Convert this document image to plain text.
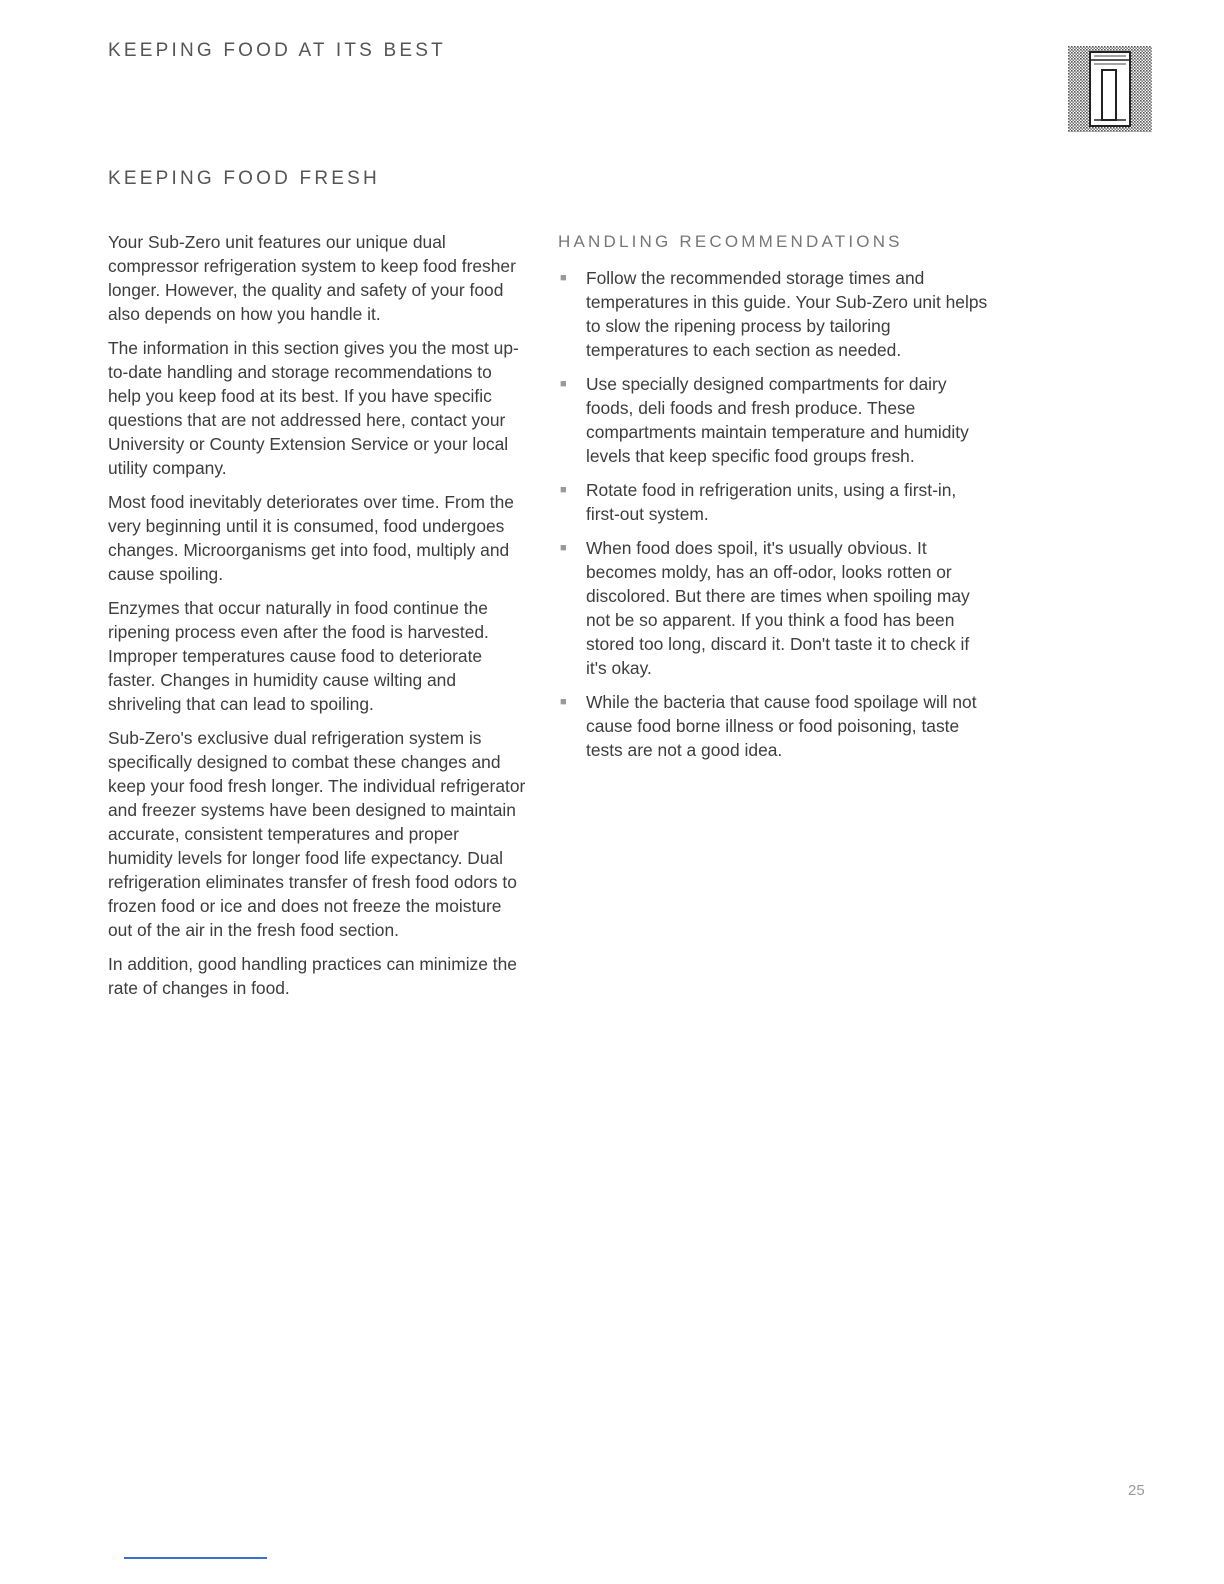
KEEPING FOOD AT ITS BEST
KEEPING FOOD FRESH

Your Sub-Zero unit features our unique dual compressor refrigeration system to keep food fresher longer. However, the quality and safety of your food also depends on how you handle it.

The information in this section gives you the most up-to-date handling and storage recommendations to help you keep food at its best. If you have specific questions that are not addressed here, contact your University or County Extension Service or your local utility company.

Most food inevitably deteriorates over time. From the very beginning until it is consumed, food undergoes changes. Microorganisms get into food, multiply and cause spoiling.

Enzymes that occur naturally in food continue the ripening process even after the food is harvested. Improper temperatures cause food to deteriorate faster. Changes in humidity cause wilting and shriveling that can lead to spoiling.

Sub-Zero's exclusive dual refrigeration system is specifically designed to combat these changes and keep your food fresh longer. The individual refrigerator and freezer systems have been designed to maintain accurate, consistent temperatures and proper humidity levels for longer food life expectancy. Dual refrigeration eliminates transfer of fresh food odors to frozen food or ice and does not freeze the moisture out of the air in the fresh food section.

In addition, good handling practices can minimize the rate of changes in food.

HANDLING RECOMMENDATIONS
■ Follow the recommended storage times and temperatures in this guide. Your Sub-Zero unit helps to slow the ripening process by tailoring temperatures to each section as needed.
■ Use specially designed compartments for dairy foods, deli foods and fresh produce. These compartments maintain temperature and humidity levels that keep specific food groups fresh.
■ Rotate food in refrigeration units, using a first-in, first-out system.
■ When food does spoil, it's usually obvious. It becomes moldy, has an off-odor, looks rotten or discolored. But there are times when spoiling may not be so apparent. If you think a food has been stored too long, discard it. Don't taste it to check if it's okay.
■ While the bacteria that cause food spoilage will not cause food borne illness or food poisoning, taste tests are not a good idea.
25
